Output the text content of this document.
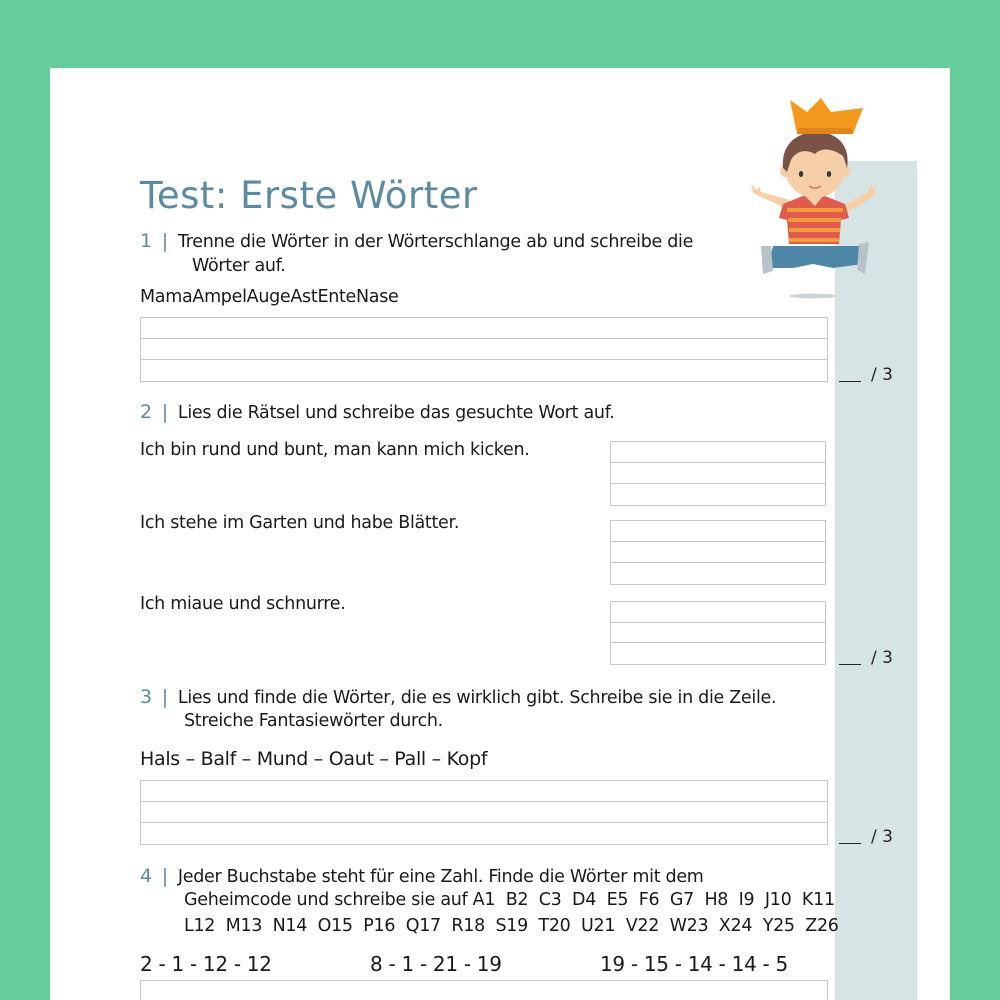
Test: Erste Wörter
1 | Trenne die Wörter in der Wörterschlange ab und schreibe die
Wörter auf.
MamaAmpelAugeAstEnteNase
/ 3
2 | Lies die Rätsel und schreibe das gesuchte Wort auf.
Ich bin rund und bunt, man kann mich kicken.
Ich stehe im Garten und habe Blätter.
Ich miaue und schnurre.
/ 3
3 | Lies und finde die Wörter, die es wirklich gibt. Schreibe sie in die Zeile.
Streiche Fantasiewörter durch.
Hals – Balf – Mund – Oaut – Pall – Kopf
/ 3
4 | Jeder Buchstabe steht für eine Zahl. Finde die Wörter mit dem
Geheimcode und schreibe sie auf A1  B2  C3  D4  E5  F6  G7  H8  I9  J10  K11
L12  M13  N14  O15  P16  Q17  R18  S19  T20  U21  V22  W23  X24  Y25  Z26
2 - 1 - 12 - 12	8 - 1 - 21 - 19	19 - 15 - 14 - 14 - 5
